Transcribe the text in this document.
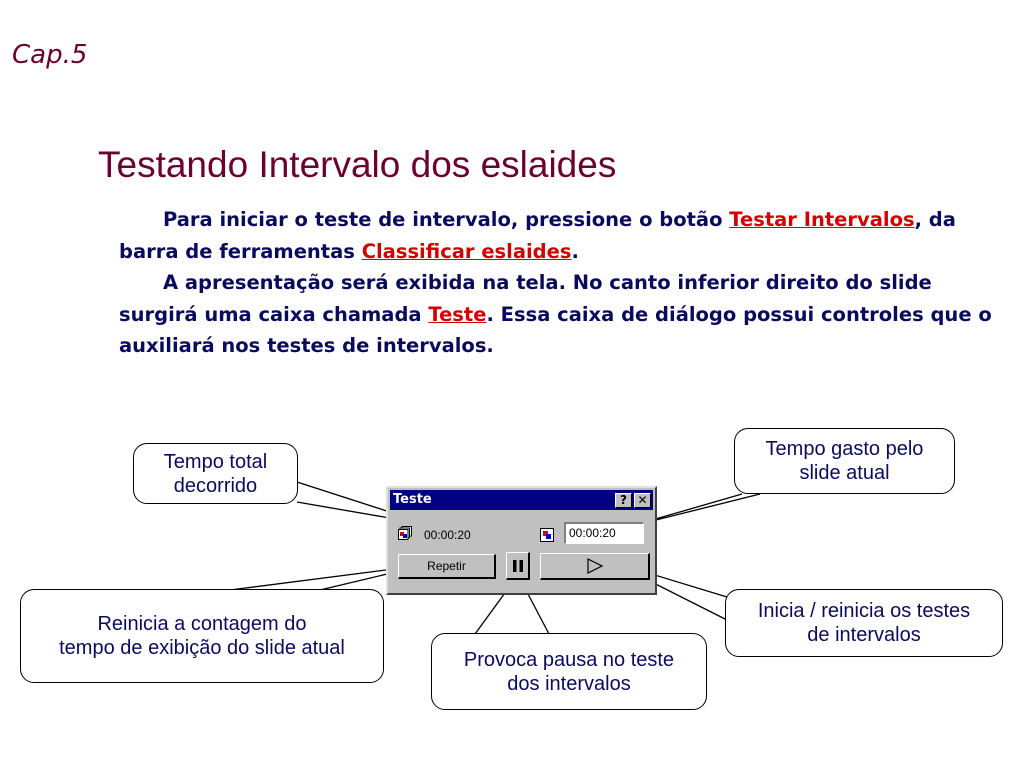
Cap.5
Testando Intervalo dos eslaides

Para iniciar o teste de intervalo, pressione o botão Testar Intervalos, da barra de ferramentas Classificar eslaides.

A apresentação será exibida na tela. No canto inferior direito do slide surgirá uma caixa chamada Teste. Essa caixa de diálogo possui controles que o auxiliará nos testes de intervalos.

Tempo total
decorrido
Tempo gasto pelo
slide atual
Reinicia a contagem do
tempo de exibição do slide atual
Provoca pausa no teste
dos intervalos
Inicia / reinicia os testes
de intervalos
Teste	? ✕
00:00:20	00:00:20
Repetir
